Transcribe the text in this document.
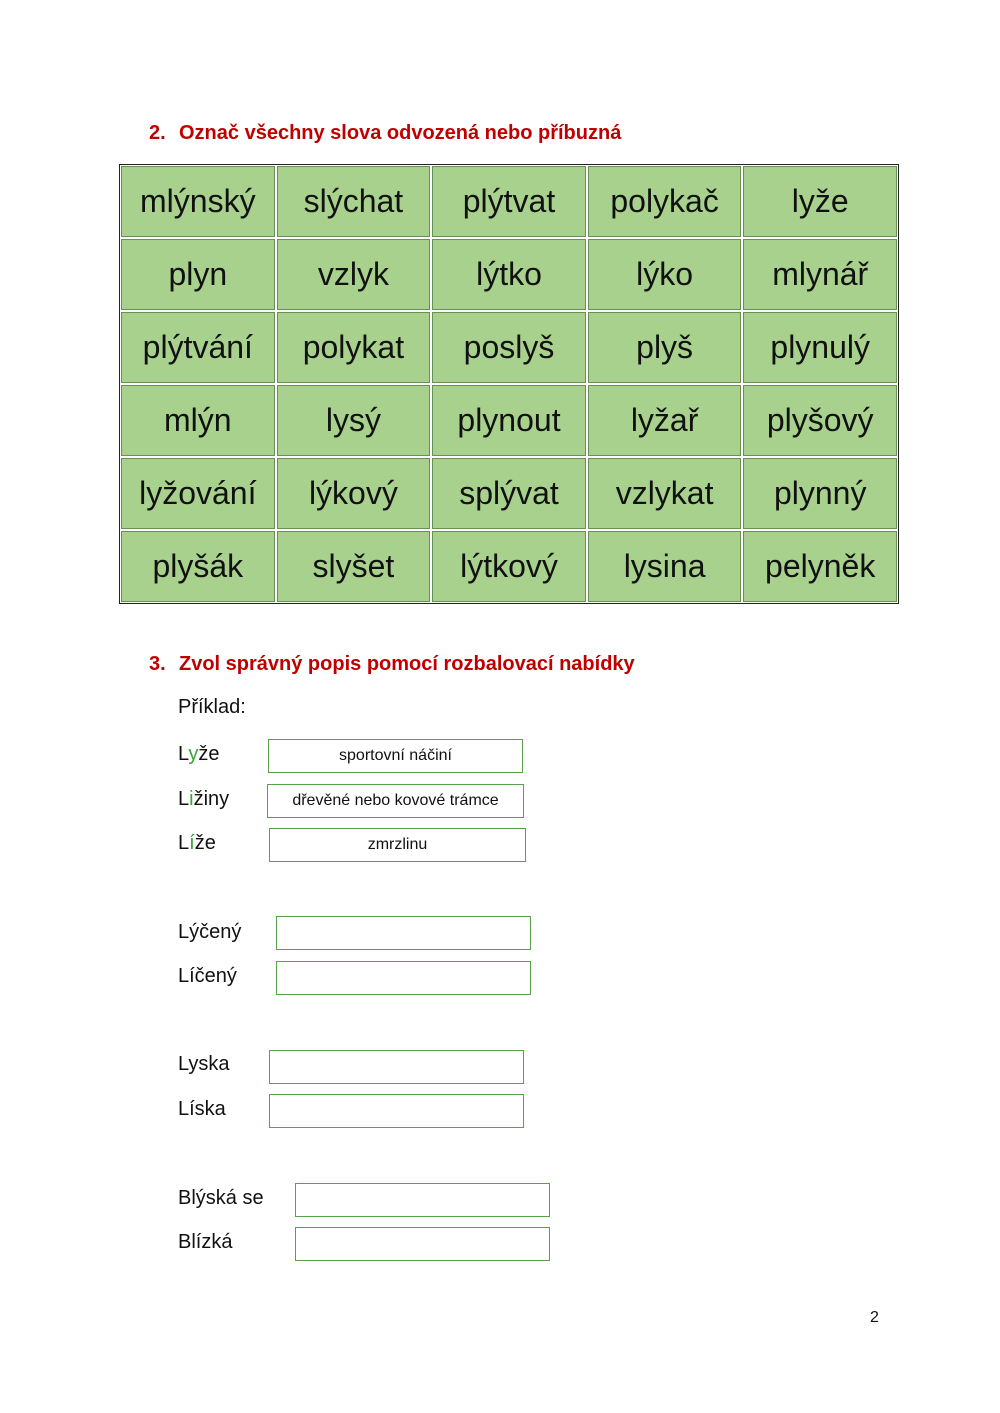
2. Označ všechny slova odvozená nebo příbuzná
mlýnský	slýchat	plýtvat	polykač	lyže
plyn	vzlyk	lýtko	lýko	mlynář
plýtvání	polykat	poslyš	plyš	plynulý
mlýn	lysý	plynout	lyžař	plyšový
lyžování	lýkový	splývat	vzlykat	plynný
plyšák	slyšet	lýtkový	lysina	pelyněk
3. Zvol správný popis pomocí rozbalovací nabídky
Příklad:
Lyže	sportovní náčiní
Ližiny	dřevěné nebo kovové trámce
Líže	zmrzlinu
Lýčený
Líčený
Lyska
Líska
Blýská se
Blízká
2
